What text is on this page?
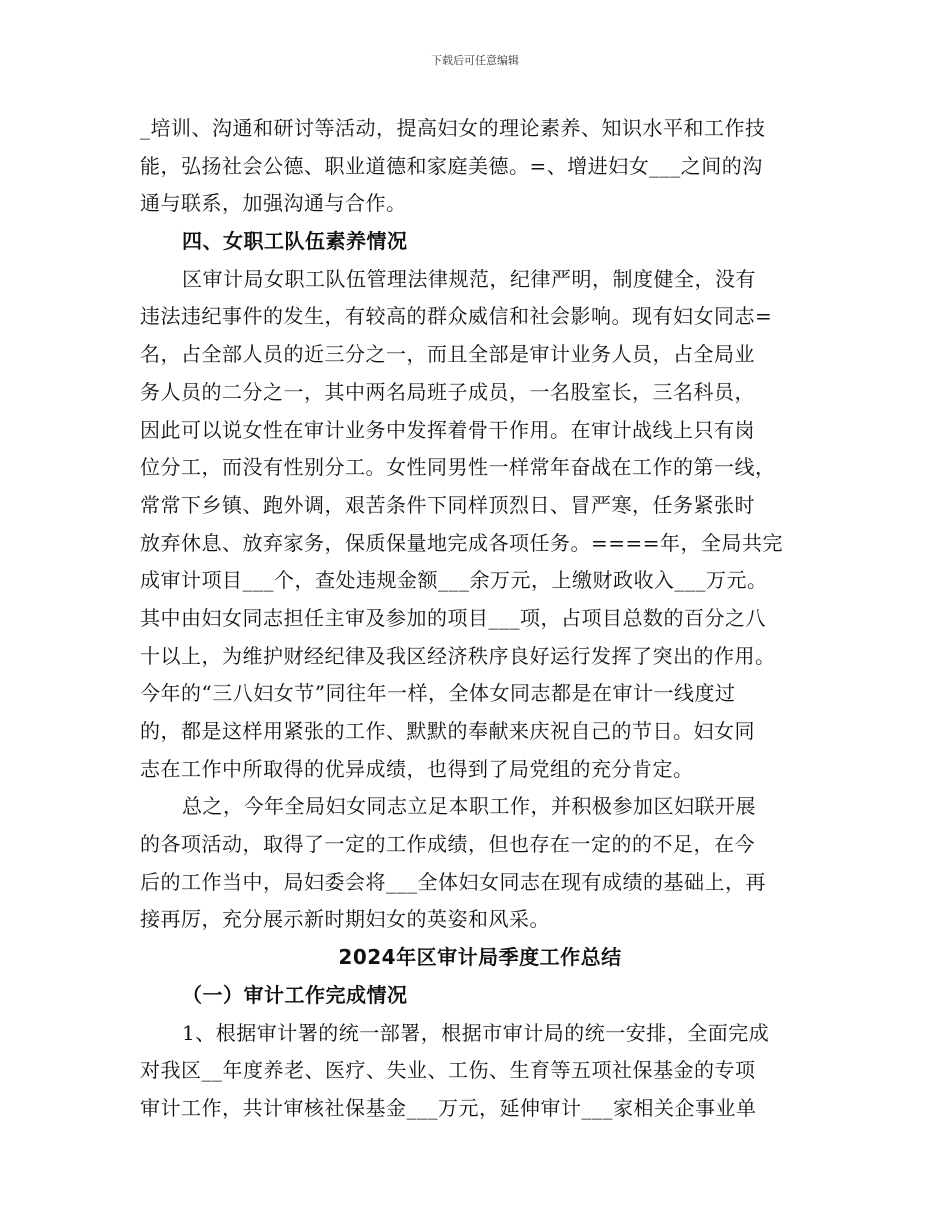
下载后可任意编辑
_培训、沟通和研讨等活动，提高妇女的理论素养、知识水平和工作技
能，弘扬社会公德、职业道德和家庭美德。=、增进妇女___之间的沟
通与联系，加强沟通与合作。
四、女职工队伍素养情况
区审计局女职工队伍管理法律规范，纪律严明，制度健全，没有
违法违纪事件的发生，有较高的群众威信和社会影响。现有妇女同志=
名，占全部人员的近三分之一，而且全部是审计业务人员，占全局业
务人员的二分之一，其中两名局班子成员，一名股室长，三名科员，
因此可以说女性在审计业务中发挥着骨干作用。在审计战线上只有岗
位分工，而没有性别分工。女性同男性一样常年奋战在工作的第一线，
常常下乡镇、跑外调，艰苦条件下同样顶烈日、冒严寒，任务紧张时
放弃休息、放弃家务，保质保量地完成各项任务。====年，全局共完
成审计项目___个，查处违规金额___余万元，上缴财政收入___万元。
其中由妇女同志担任主审及参加的项目___项，占项目总数的百分之八
十以上，为维护财经纪律及我区经济秩序良好运行发挥了突出的作用。
今年的“三八妇女节”同往年一样，全体女同志都是在审计一线度过
的，都是这样用紧张的工作、默默的奉献来庆祝自己的节日。妇女同
志在工作中所取得的优异成绩，也得到了局党组的充分肯定。
总之，今年全局妇女同志立足本职工作，并积极参加区妇联开展
的各项活动，取得了一定的工作成绩，但也存在一定的的不足，在今
后的工作当中，局妇委会将___全体妇女同志在现有成绩的基础上，再
接再厉，充分展示新时期妇女的英姿和风采。
2024年区审计局季度工作总结
（一）审计工作完成情况
1、根据审计署的统一部署，根据市审计局的统一安排，全面完成
对我区__年度养老、医疗、失业、工伤、生育等五项社保基金的专项
审计工作，共计审核社保基金___万元，延伸审计___家相关企事业单
